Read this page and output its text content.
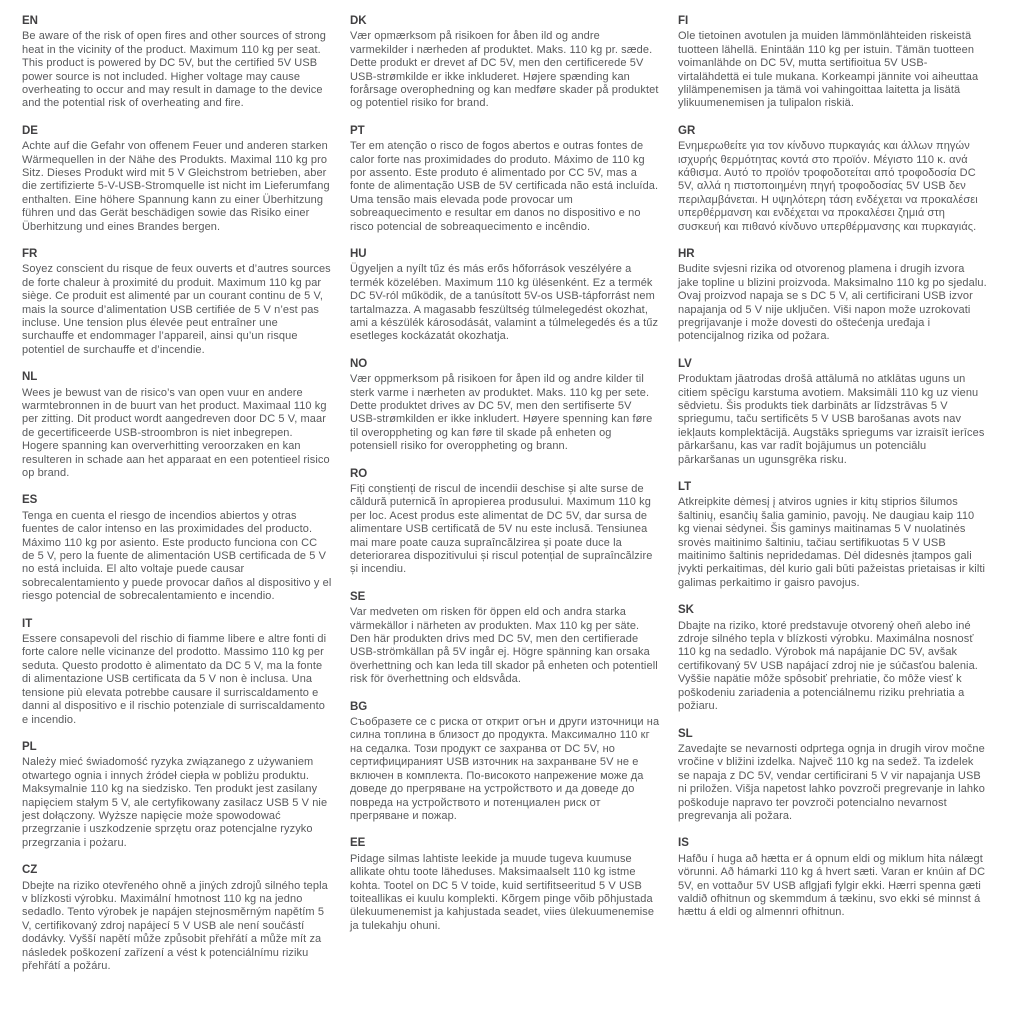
EN

Be aware of the risk of open fires and other sources of strong heat in the vicinity of the product. Maximum 110 kg per seat. This product is powered by DC 5V, but the certified 5V USB power source is not included. Higher voltage may cause overheating to occur and may result in damage to the device and the potential risk of overheating and fire.

DE

Achte auf die Gefahr von offenem Feuer und anderen starken Wärmequellen in der Nähe des Produkts. Maximal 110 kg pro Sitz. Dieses Produkt wird mit 5 V Gleichstrom betrieben, aber die zertifizierte 5-V-USB-Stromquelle ist nicht im Lieferumfang enthalten. Eine höhere Spannung kann zu einer Überhitzung führen und das Gerät beschädigen sowie das Risiko einer Überhitzung und eines Brandes bergen.

FR

Soyez conscient du risque de feux ouverts et d’autres sources de forte chaleur à proximité du produit. Maximum 110 kg par siège. Ce produit est alimenté par un courant continu de 5 V, mais la source d’alimentation USB certifiée de 5 V n’est pas incluse. Une tension plus élevée peut entraîner une surchauffe et endommager l’appareil, ainsi qu’un risque potentiel de surchauffe et d’incendie.

NL

Wees je bewust van de risico’s van open vuur en andere warmtebronnen in de buurt van het product. Maximaal 110 kg per zitting. Dit product wordt aangedreven door DC 5 V, maar de gecertificeerde USB-stroombron is niet inbegrepen. Hogere spanning kan oververhitting veroorzaken en kan resulteren in schade aan het apparaat en een potentieel risico op brand.

ES

Tenga en cuenta el riesgo de incendios abiertos y otras fuentes de calor intenso en las proximidades del producto. Máximo 110 kg por asiento. Este producto funciona con CC de 5 V, pero la fuente de alimentación USB certificada de 5 V no está incluida. El alto voltaje puede causar sobrecalentamiento y puede provocar daños al dispositivo y el riesgo potencial de sobrecalentamiento e incendio.

IT

Essere consapevoli del rischio di fiamme libere e altre fonti di forte calore nelle vicinanze del prodotto. Massimo 110 kg per seduta. Questo prodotto è alimentato da DC 5 V, ma la fonte di alimentazione USB certificata da 5 V non è inclusa. Una tensione più elevata potrebbe causare il surriscaldamento e danni al dispositivo e il rischio potenziale di surriscaldamento e incendio.

PL

Należy mieć świadomość ryzyka związanego z używaniem otwartego ognia i innych źródeł ciepła w pobliżu produktu. Maksymalnie 110 kg na siedzisko. Ten produkt jest zasilany napięciem stałym 5 V, ale certyfikowany zasilacz USB 5 V nie jest dołączony. Wyższe napięcie może spowodować przegrzanie i uszkodzenie sprzętu oraz potencjalne ryzyko przegrzania i pożaru.

CZ

Dbejte na riziko otevřeného ohně a jiných zdrojů silného tepla v blízkosti výrobku. Maximální hmotnost 110 kg na jedno sedadlo. Tento výrobek je napájen stejnosměrným napětím 5 V, certifikovaný zdroj napájecí 5 V USB ale není součástí dodávky. Vyšší napětí může způsobit přehřátí a může mít za následek poškození zařízení a vést k potenciálnímu riziku přehřátí a požáru.

DK

Vær opmærksom på risikoen for åben ild og andre varmekilder i nærheden af produktet. Maks. 110 kg pr. sæde. Dette produkt er drevet af DC 5V, men den certificerede 5V USB-strømkilde er ikke inkluderet. Højere spænding kan forårsage overophedning og kan medføre skader på produktet og potentiel risiko for brand.

PT

Ter em atenção o risco de fogos abertos e outras fontes de calor forte nas proximidades do produto. Máximo de 110 kg por assento. Este produto é alimentado por CC 5V, mas a fonte de alimentação USB de 5V certificada não está incluída. Uma tensão mais elevada pode provocar um sobreaquecimento e resultar em danos no dispositivo e no risco potencial de sobreaquecimento e incêndio.

HU

Ügyeljen a nyílt tűz és más erős hőforrások veszélyére a termék közelében. Maximum 110 kg ülésenként. Ez a termék DC 5V-ról működik, de a tanúsított 5V-os USB-tápforrást nem tartalmazza. A magasabb feszültség túlmelegedést okozhat, ami a készülék károsodását, valamint a túlmelegedés és a tűz esetleges kockázatát okozhatja.

NO

Vær oppmerksom på risikoen for åpen ild og andre kilder til sterk varme i nærheten av produktet. Maks. 110 kg per sete. Dette produktet drives av DC 5V, men den sertifiserte 5V USB-strømkilden er ikke inkludert. Høyere spenning kan føre til overoppheting og kan føre til skade på enheten og potensiell risiko for overoppheting og brann.

RO

Fiți conștienți de riscul de incendii deschise și alte surse de căldură puternică în apropierea produsului. Maximum 110 kg per loc. Acest produs este alimentat de DC 5V, dar sursa de alimentare USB certificată de 5V nu este inclusă. Tensiunea mai mare poate cauza supraîncălzirea și poate duce la deteriorarea dispozitivului și riscul potențial de supraîncălzire și incendiu.

SE

Var medveten om risken för öppen eld och andra starka värmekällor i närheten av produkten. Max 110 kg per säte. Den här produkten drivs med DC 5V, men den certifierade USB-strömkällan på 5V ingår ej. Högre spänning kan orsaka överhettning och kan leda till skador på enheten och potentiell risk för överhettning och eldsvåda.

BG

Съобразете се с риска от открит огън и други източници на силна топлина в близост до продукта. Максимално 110 кг на седалка. Този продукт се захранва от DC 5V, но сертифицираният USB източник на захранване 5V не е включен в комплекта. По-високото напрежение може да доведе до прегряване на устройството и да доведе до повреда на устройството и потенциален риск от прегряване и пожар.

EE

Pidage silmas lahtiste leekide ja muude tugeva kuumuse allikate ohtu toote läheduses. Maksimaalselt 110 kg istme kohta. Tootel on DC 5 V toide, kuid sertifitseeritud 5 V USB toiteallikas ei kuulu komplekti. Kõrgem pinge võib põhjustada ülekuumenemist ja kahjustada seadet, viies ülekuumenemise ja tulekahju ohuni.

FI

Ole tietoinen avotulen ja muiden lämmönlähteiden riskeistä tuotteen lähellä. Enintään 110 kg per istuin. Tämän tuotteen voimanlähde on DC 5V, mutta sertifioitua 5V USB-virtalähdettä ei tule mukana. Korkeampi jännite voi aiheuttaa ylilämpenemisen ja tämä voi vahingoittaa laitetta ja lisätä ylikuumenemisen ja tulipalon riskiä.

GR

Ενημερωθείτε για τον κίνδυνο πυρκαγιάς και άλλων πηγών ισχυρής θερμότητας κοντά στο προϊόν. Μέγιστο 110 κ. ανά κάθισμα. Αυτό το προϊόν τροφοδοτείται από τροφοδοσία DC 5V, αλλά η πιστοποιημένη πηγή τροφοδοσίας 5V USB δεν περιλαμβάνεται. Η υψηλότερη τάση ενδέχεται να προκαλέσει υπερθέρμανση και ενδέχεται να προκαλέσει ζημιά στη συσκευή και πιθανό κίνδυνο υπερθέρμανσης και πυρκαγιάς.

HR

Budite svjesni rizika od otvorenog plamena i drugih izvora jake topline u blizini proizvoda. Maksimalno 110 kg po sjedalu. Ovaj proizvod napaja se s DC 5 V, ali certificirani USB izvor napajanja od 5 V nije uključen. Viši napon može uzrokovati pregrijavanje i može dovesti do oštećenja uređaja i potencijalnog rizika od požara.

LV

Produktam jāatrodas drošā attālumā no atklātas uguns un citiem spēcīgu karstuma avotiem. Maksimāli 110 kg uz vienu sēdvietu. Šis produkts tiek darbināts ar līdzstrāvas 5 V spriegumu, taču sertificēts 5 V USB barošanas avots nav iekļauts komplektācijā. Augstāks spriegums var izraisīt ierīces pārkaršanu, kas var radīt bojājumus un potenciālu pārkaršanas un ugunsgrēka risku.

LT

Atkreipkite dėmesį į atviros ugnies ir kitų stiprios šilumos šaltinių, esančių šalia gaminio, pavojų. Ne daugiau kaip 110 kg vienai sėdynei. Šis gaminys maitinamas 5 V nuolatinės srovės maitinimo šaltiniu, tačiau sertifikuotas 5 V USB maitinimo šaltinis nepridedamas. Dėl didesnės įtampos gali įvykti perkaitimas, dėl kurio gali būti pažeistas prietaisas ir kilti galimas perkaitimo ir gaisro pavojus.

SK

Dbajte na riziko, ktoré predstavuje otvorený oheň alebo iné zdroje silného tepla v blízkosti výrobku. Maximálna nosnosť 110 kg na sedadlo. Výrobok má napájanie DC 5V, avšak certifikovaný 5V USB napájací zdroj nie je súčasťou balenia. Vyššie napätie môže spôsobiť prehriatie, čo môže viesť k poškodeniu zariadenia a potenciálnemu riziku prehriatia a požiaru.

SL

Zavedajte se nevarnosti odprtega ognja in drugih virov močne vročine v bližini izdelka. Največ 110 kg na sedež. Ta izdelek se napaja z DC 5V, vendar certificirani 5 V vir napajanja USB ni priložen. Višja napetost lahko povzroči pregrevanje in lahko poškoduje napravo ter povzroči potencialno nevarnost pregrevanja ali požara.

IS

Hafðu í huga að hætta er á opnum eldi og miklum hita nálægt vörunni. Að hámarki 110 kg á hvert sæti. Varan er knúin af DC 5V, en vottaður 5V USB aflgjafi fylgir ekki. Hærri spenna gæti valdið ofhitnun og skemmdum á tækinu, svo ekki sé minnst á hættu á eldi og almennri ofhitnun.
